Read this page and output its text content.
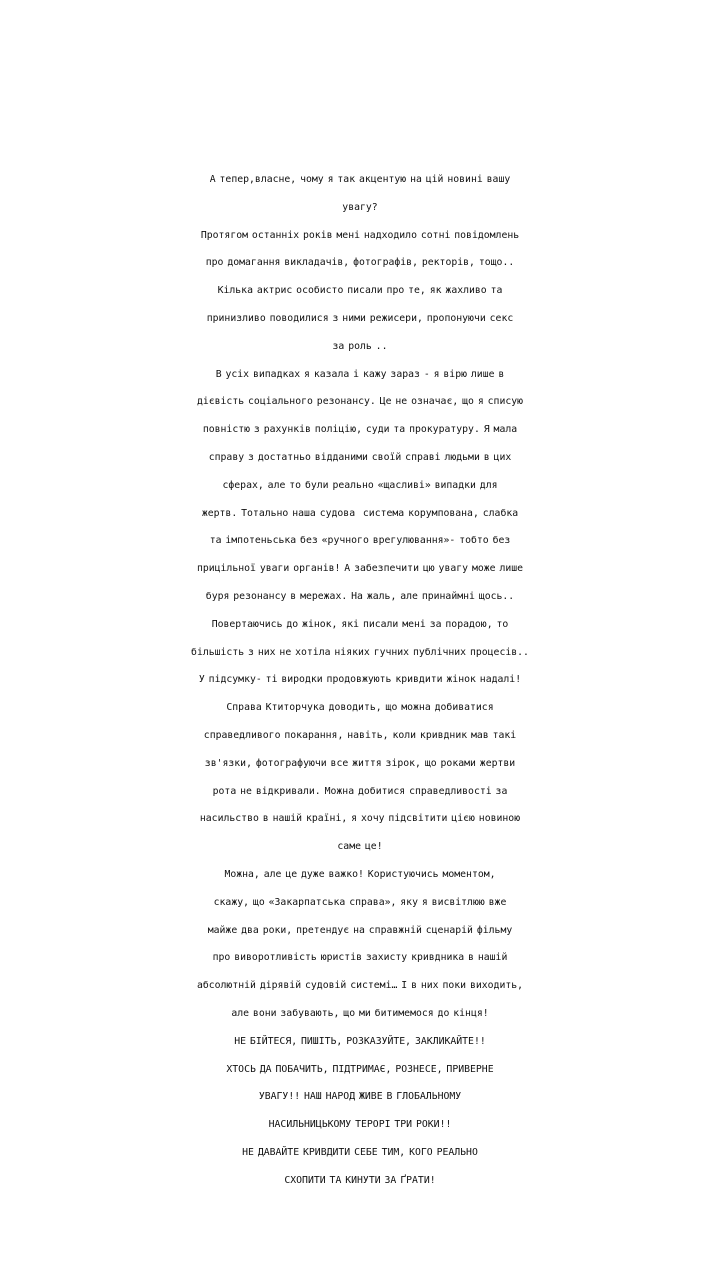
А тепер,власне, чому я так акцентую на цій новині вашу
увагу?
Протягом останніх років мені надходило сотні повідомлень
про домагання викладачів, фотографів, ректорів, тощо..
Кілька актрис особисто писали про те, як жахливо та
принизливо поводилися з ними режисери, пропонуючи секс
за роль ..
В усіх випадках я казала і кажу зараз - я вірю лише в
дієвість соціального резонансу. Це не означає, що я списую
повністю з рахунків поліцію, суди та прокуратуру. Я мала
справу з достатньо відданими своїй справі людьми в цих
сферах, але то були реально «щасливі» випадки для
жертв. Тотально наша судова  система корумпована, слабка
та імпотеньська без «ручного врегулювання»- тобто без
прицільної уваги органів! А забезпечити цю увагу може лише
буря резонансу в мережах. На жаль, але принаймні щось..
Повертаючись до жінок, які писали мені за порадою, то
більшість з них не хотіла ніяких гучних публічних процесів..
У підсумку- ті виродки продовжують кривдити жінок надалі!
Справа Ктиторчука доводить, що можна добиватися
справедливого покарання, навіть, коли кривдник мав такі
зв'язки, фотографуючи все життя зірок, що роками жертви
рота не відкривали. Можна добитися справедливості за
насильство в нашій країні, я хочу підсвітити цією новиною
саме це!
Можна, але це дуже важко! Користуючись моментом,
скажу, що «Закарпатська справа», яку я висвітлюю вже
майже два роки, претендує на справжній сценарій фільму
про виворотливість юристів захисту кривдника в нашій
абсолютній дірявій судовій системі… І в них поки виходить,
але вони забувають, що ми битимемося до кінця!
НЕ БІЙТЕСЯ, ПИШІТЬ, РОЗКАЗУЙТЕ, ЗАКЛИКАЙТЕ!!
ХТОСЬ ДА ПОБАЧИТЬ, ПІДТРИМАЄ, РОЗНЕСЕ, ПРИВЕРНЕ
УВАГУ!! НАШ НАРОД ЖИВЕ В ГЛОБАЛЬНОМУ
НАСИЛЬНИЦЬКОМУ ТЕРОРІ ТРИ РОКИ!!
НЕ ДАВАЙТЕ КРИВДИТИ СЕБЕ ТИМ, КОГО РЕАЛЬНО
СХОПИТИ ТА КИНУТИ ЗА ҐРАТИ!
